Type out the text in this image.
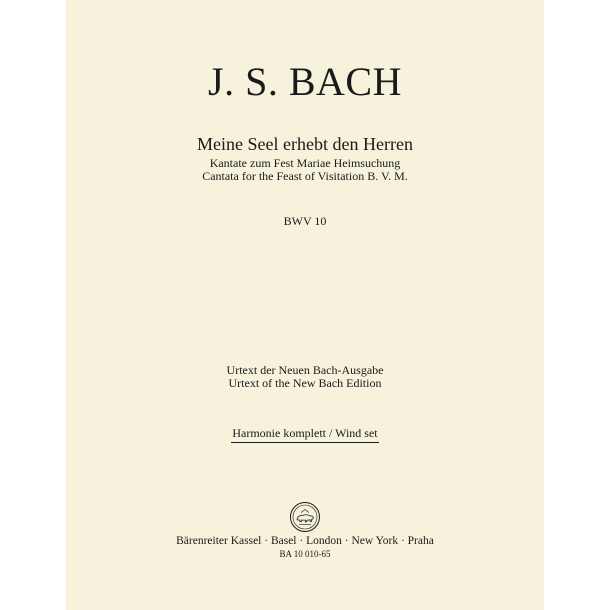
J. S. BACH
Meine Seel erhebt den Herren
Kantate zum Fest Mariae Heimsuchung
Cantata for the Feast of Visitation B. V. M.
BWV 10
Urtext der Neuen Bach-Ausgabe
Urtext of the New Bach Edition
Harmonie komplett / Wind set
Bärenreiter Kassel · Basel · London · New York · Praha
BA 10 010-65
